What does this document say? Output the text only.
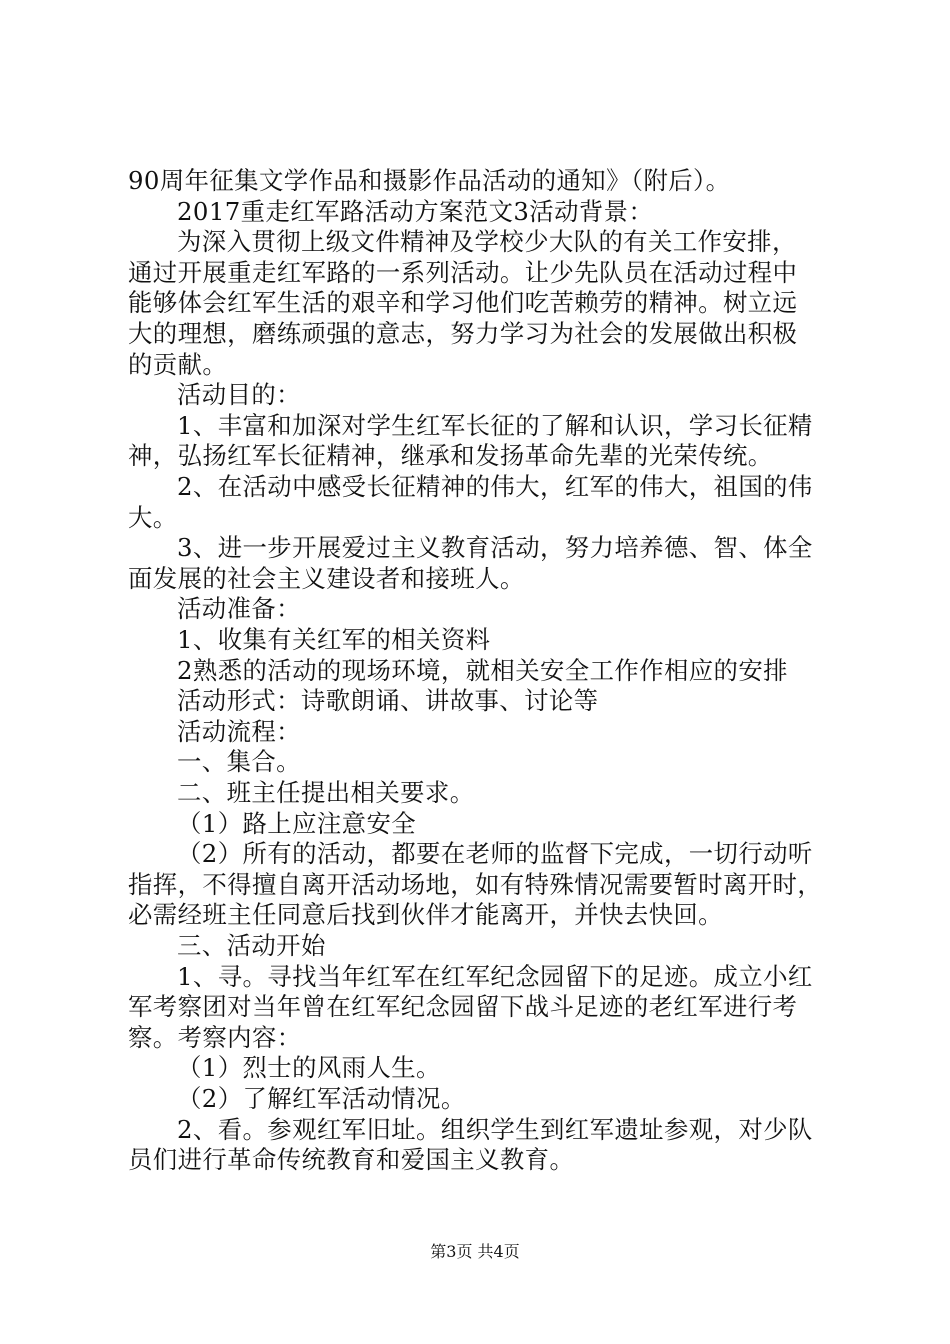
90周年征集文学作品和摄影作品活动的通知》（附后）。
2017重走红军路活动方案范文3活动背景：
为深入贯彻上级文件精神及学校少大队的有关工作安排，
通过开展重走红军路的一系列活动。让少先队员在活动过程中
能够体会红军生活的艰辛和学习他们吃苦赖劳的精神。树立远
大的理想，磨练顽强的意志，努力学习为社会的发展做出积极
的贡献。
活动目的：
1、丰富和加深对学生红军长征的了解和认识，学习长征精
神，弘扬红军长征精神，继承和发扬革命先辈的光荣传统。
2、在活动中感受长征精神的伟大，红军的伟大，祖国的伟
大。
3、进一步开展爱过主义教育活动，努力培养德、智、体全
面发展的社会主义建设者和接班人。
活动准备：
1、收集有关红军的相关资料
2熟悉的活动的现场环境，就相关安全工作作相应的安排
活动形式：诗歌朗诵、讲故事、讨论等
活动流程：
一、集合。
二、班主任提出相关要求。
（1）路上应注意安全
（2）所有的活动，都要在老师的监督下完成，一切行动听
指挥，不得擅自离开活动场地，如有特殊情况需要暂时离开时，
必需经班主任同意后找到伙伴才能离开，并快去快回。
三、活动开始
1、寻。寻找当年红军在红军纪念园留下的足迹。成立小红
军考察团对当年曾在红军纪念园留下战斗足迹的老红军进行考
察。考察内容：
（1）烈士的风雨人生。
（2）了解红军活动情况。
2、看。参观红军旧址。组织学生到红军遗址参观，对少队
员们进行革命传统教育和爱国主义教育。
第3页 共4页
